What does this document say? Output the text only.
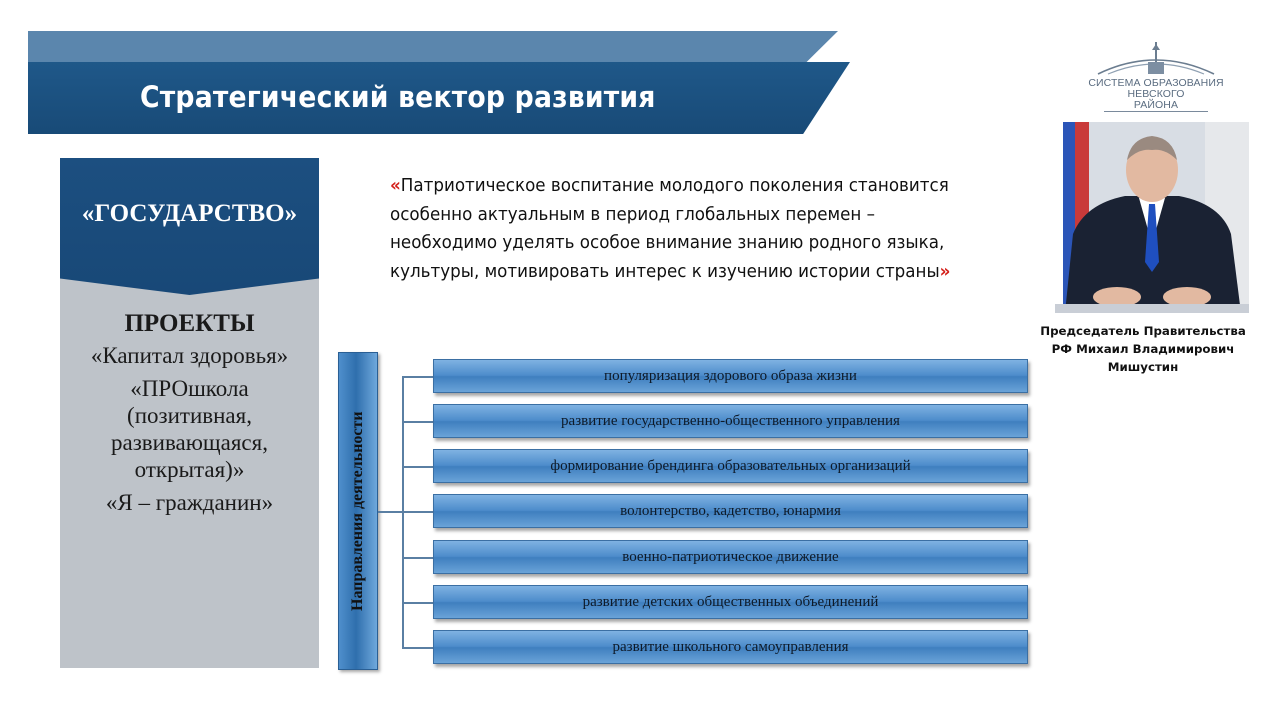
Стратегический вектор развития	СИСТЕМА ОБРАЗОВАНИЯ
НЕВСКОГО РАЙОНА
«ГОСУДАРСТВО»
ПРОЕКТЫ
«Капитал здоровья»
«ПРОшкола
(позитивная,
развивающаяся,
открытая)»
«Я – гражданин»
«Патриотическое воспитание молодого поколения становится особенно актуальным в период глобальных перемен – необходимо уделять особое внимание знанию родного языка, культуры, мотивировать интерес к изучению истории страны»
Председатель Правительства РФ Михаил Владимирович Мишустин
Направления деятельности
популяризация здорового образа жизни
развитие государственно-общественного управления
формирование брендинга образовательных организаций
волонтерство, кадетство, юнармия
военно-патриотическое движение
развитие детских общественных объединений
развитие школьного самоуправления
